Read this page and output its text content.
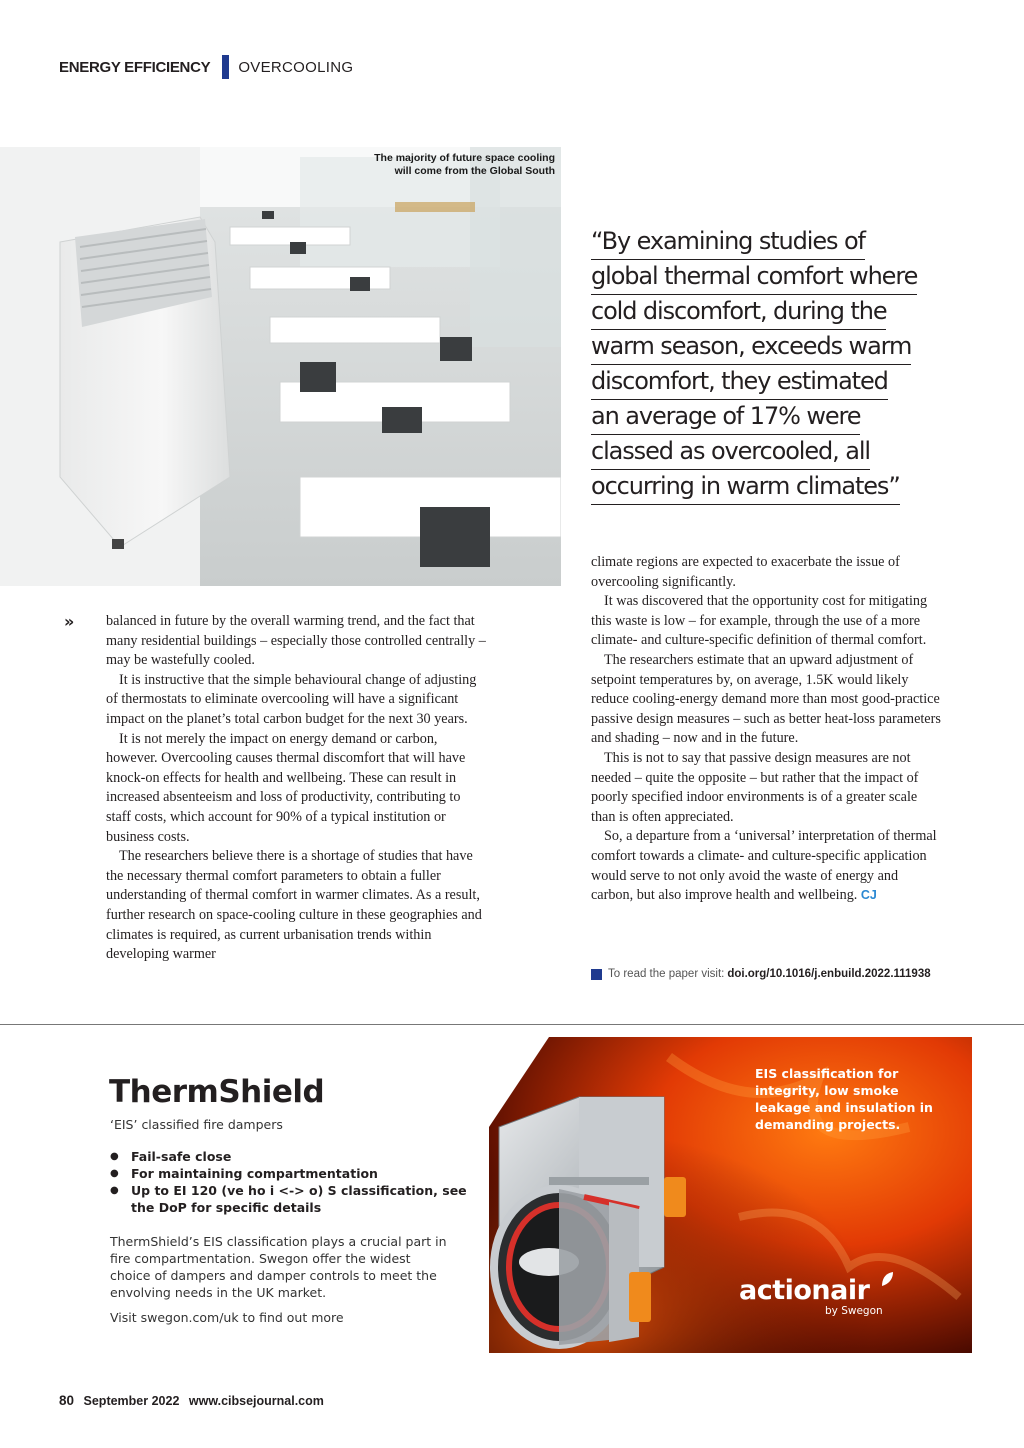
ENERGY EFFICIENCY OVERCOOLING
The majority of future space cooling will come from the Global South
“By examining studies of
global thermal comfort where
cold discomfort, during the
warm season, exceeds warm
discomfort, they estimated
an average of 17% were
classed as overcooled, all
occurring in warm climates”
» balanced in future by the overall warming trend, and the fact that many residential buildings – especially those controlled centrally –may be wastefully cooled.

It is instructive that the simple behavioural change of adjusting of thermostats to eliminate overcooling will have a significant impact on the planet’s total carbon budget for the next 30 years.

It is not merely the impact on energy demand or carbon, however. Overcooling causes thermal discomfort that will have knock-on effects for health and wellbeing. These can result in increased absenteeism and loss of productivity, contributing to staff costs, which account for 90% of a typical institution or business costs.

The researchers believe there is a shortage of studies that have the necessary thermal comfort parameters to obtain a fuller understanding of thermal comfort in warmer climates. As a result, further research on space-cooling culture in these geographies and climates is required, as current urbanisation trends within developing warmer

climate regions are expected to exacerbate the issue of overcooling significantly.

It was discovered that the opportunity cost for mitigating this waste is low – for example, through the use of a more climate- and culture-specific definition of thermal comfort.

The researchers estimate that an upward adjustment of setpoint temperatures by, on average, 1.5K would likely reduce cooling-energy demand more than most good-practice passive design measures – such as better heat-loss parameters and shading – now and in the future.

This is not to say that passive design measures are not needed – quite the opposite – but rather that the impact of poorly specified indoor environments is of a greater scale than is often appreciated.

So, a departure from a ‘universal’ interpretation of thermal comfort towards a climate- and culture-specific application would serve to not only avoid the waste of energy and carbon, but also improve health and wellbeing. CJ

To read the paper visit: doi.org/10.1016/j.enbuild.2022.111938
ThermShield
‘EIS’ classified fire dampers
● Fail-safe close
● For maintaining compartmentation
● Up to EI 120 (ve ho i <-> o) S classification, see the DoP for specific details
ThermShield’s EIS classification plays a crucial part in fire compartmentation. Swegon offer the widest choice of dampers and damper controls to meet the envolving needs in the UK market.
Visit swegon.com/uk to find out more
EIS classification for integrity, low smoke leakage and insulation in demanding projects.
actionair
by Swegon
80 September 2022 www.cibsejournal.com
